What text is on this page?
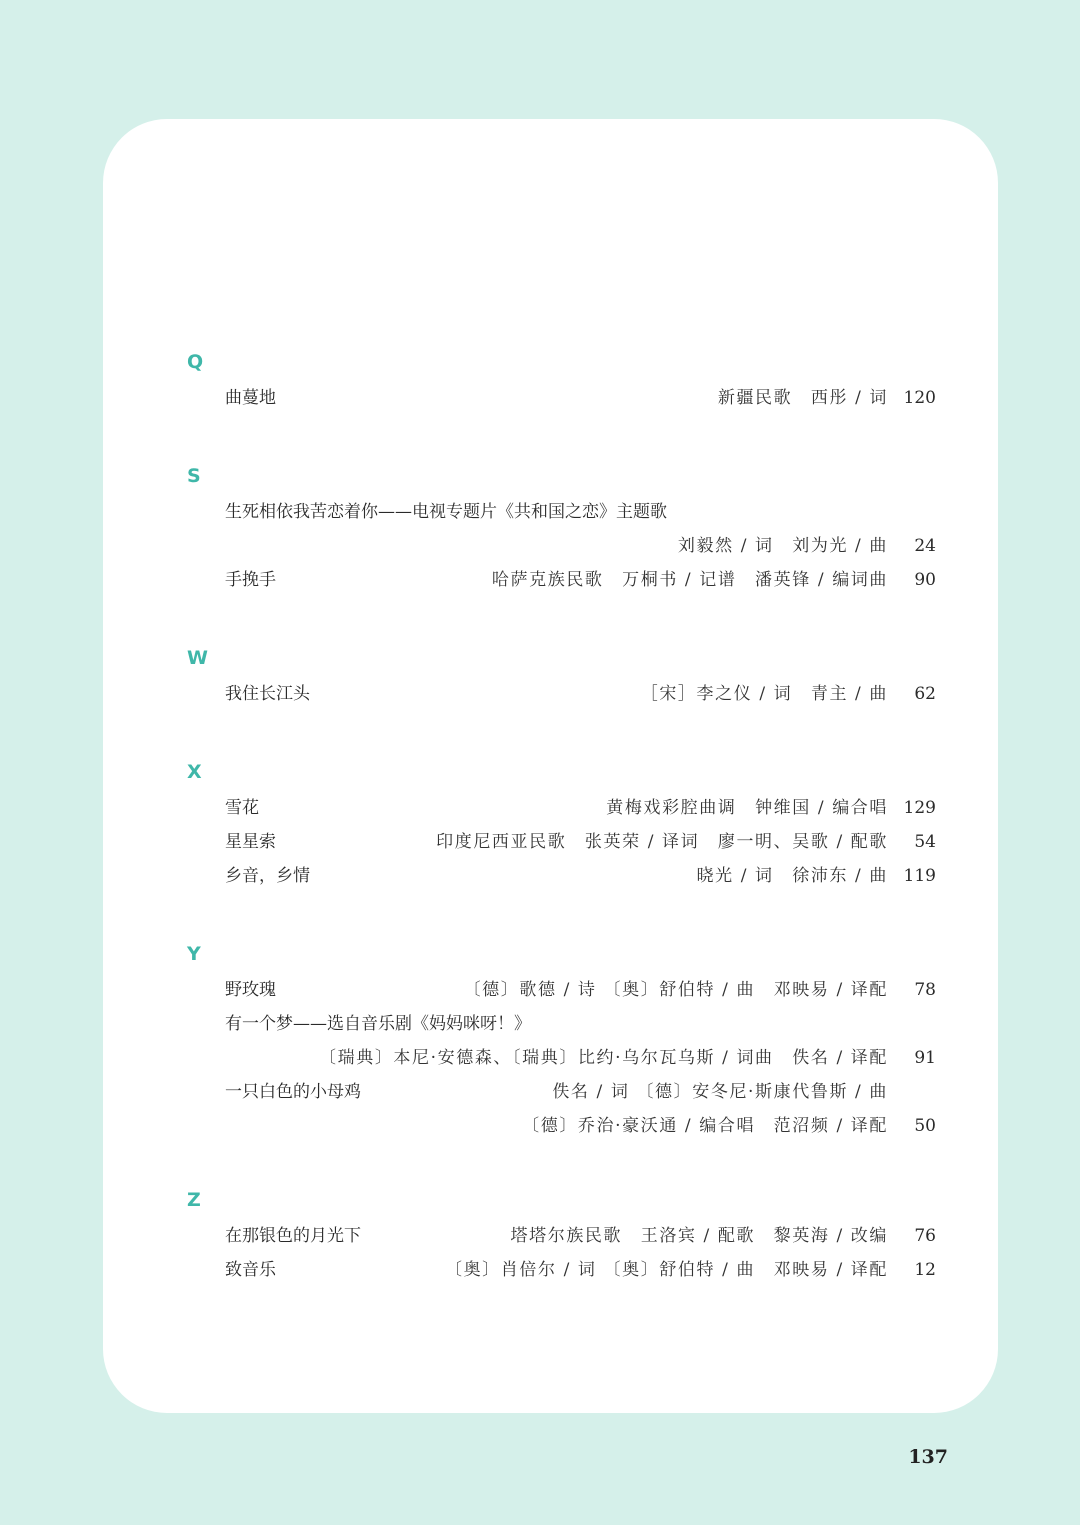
Q
曲蔓地	新疆民歌　西彤 / 词 120
S
生死相依我苦恋着你——电视专题片《共和国之恋》主题歌
刘毅然 / 词　刘为光 / 曲	24
手挽手	哈萨克族民歌　万桐书 / 记谱　潘英锋 / 编词曲	90
W
我住长江头	［宋］李之仪 / 词　青主 / 曲	62
X
雪花	黄梅戏彩腔曲调　钟维国 / 编合唱 129
星星索	印度尼西亚民歌　张英荣 / 译词　廖一明、吴歌 / 配歌	54
乡音，乡情	晓光 / 词　徐沛东 / 曲 119
Y
野玫瑰	〔德〕歌德 / 诗 〔奥〕舒伯特 / 曲　邓映易 / 译配	78
有一个梦——选自音乐剧《妈妈咪呀！》
〔瑞典〕本尼·安德森、〔瑞典〕比约·乌尔瓦乌斯 / 词曲　佚名 / 译配	91
一只白色的小母鸡	佚名 / 词 〔德〕安冬尼·斯康代鲁斯 / 曲
〔德〕乔治·豪沃通 / 编合唱　范沼频 / 译配	50
Z
在那银色的月光下	塔塔尔族民歌　王洛宾 / 配歌　黎英海 / 改编	76
致音乐	〔奥〕肖倍尔 / 词 〔奥〕舒伯特 / 曲　邓映易 / 译配	12
137
